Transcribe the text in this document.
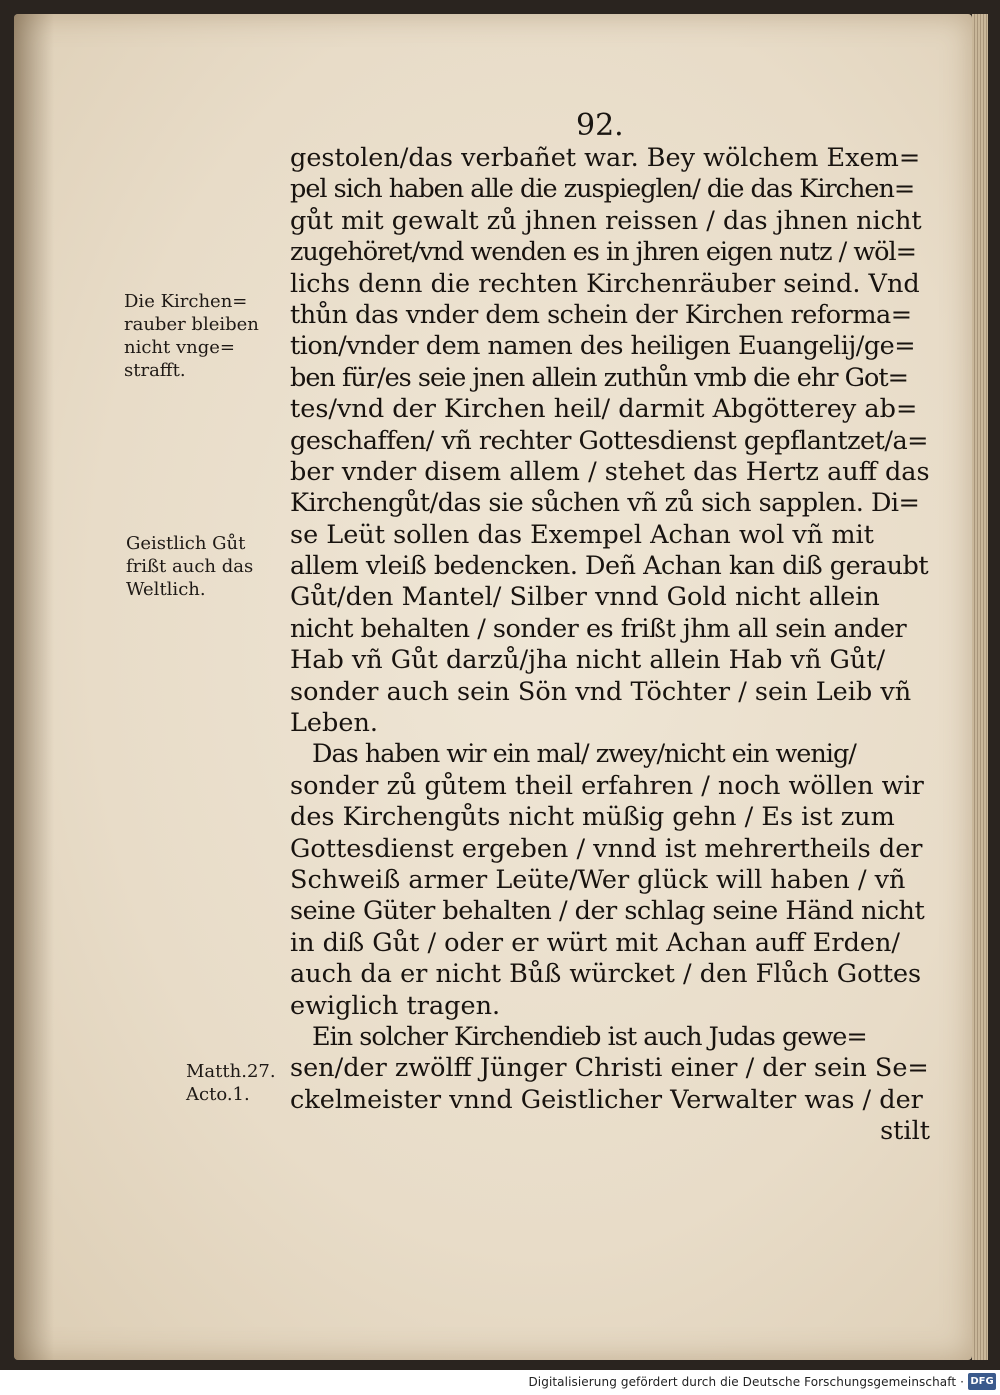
92.
Die Kirchen=
rauber bleiben
nicht vnge=
strafft.
Geistlich Gůt
frißt auch das
Weltlich.
Matth.27.
Acto.1.
gestolen/das verbañet war. Bey wölchem Exem=
pel sich haben alle die zuspieglen/ die das Kirchen=
gůt mit gewalt zů jhnen reissen / das jhnen nicht
zugehöret/vnd wenden es in jhren eigen nutz / wöl=
lichs denn die rechten Kirchenräuber seind. Vnd
thůn das vnder dem schein der Kirchen reforma=
tion/vnder dem namen des heiligen Euangelij/ge=
ben für/es seie jnen allein zuthůn vmb die ehr Got=
tes/vnd der Kirchen heil/ darmit Abgötterey ab=
geschaffen/ vñ rechter Gottesdienst gepflantzet/a=
ber vnder disem allem / stehet das Hertz auff das
Kirchengůt/das sie sůchen vñ zů sich sapplen. Di=
se Leüt sollen das Exempel Achan wol vñ mit
allem vleiß bedencken. Deñ Achan kan diß geraubt
Gůt/den Mantel/ Silber vnnd Gold nicht allein
nicht behalten / sonder es frißt jhm all sein ander
Hab vñ Gůt darzů/jha nicht allein Hab vñ Gůt/
sonder auch sein Sön vnd Töchter / sein Leib vñ
Leben.
Das haben wir ein mal/ zwey/nicht ein wenig/
sonder zů gůtem theil erfahren / noch wöllen wir
des Kirchengůts nicht müßig gehn / Es ist zum
Gottesdienst ergeben / vnnd ist mehrertheils der
Schweiß armer Leüte/Wer glück will haben / vñ
seine Güter behalten / der schlag seine Händ nicht
in diß Gůt / oder er würt mit Achan auff Erden/
auch da er nicht Bůß würcket / den Flůch Gottes
ewiglich tragen.
Ein solcher Kirchendieb ist auch Judas gewe=
sen/der zwölff Jünger Christi einer / der sein Se=
ckelmeister vnnd Geistlicher Verwalter was / der
stilt
Digitalisierung gefördert durch die Deutsche Forschungsgemeinschaft · DFG
